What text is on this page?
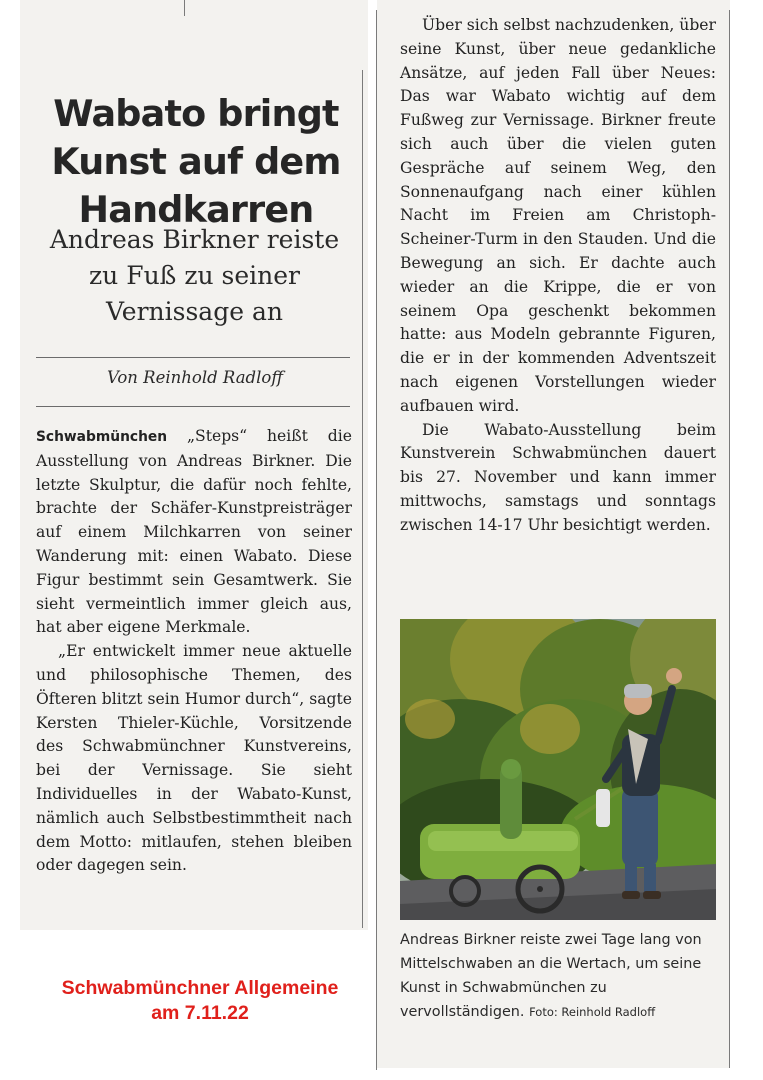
Wabato bringt Kunst auf dem Handkarren
Andreas Birkner reiste zu Fuß zu seiner Vernissage an
Von Reinhold Radloff

Schwabmünchen „Steps“ heißt die Ausstellung von Andreas Birkner. Die letzte Skulptur, die dafür noch fehlte, brachte der Schäfer-Kunstpreisträger auf einem Milchkarren von seiner Wanderung mit: einen Wabato. Diese Figur bestimmt sein Gesamtwerk. Sie sieht vermeintlich immer gleich aus, hat aber eigene Merkmale.

„Er entwickelt immer neue aktuelle und philosophische Themen, des Öfteren blitzt sein Humor durch“, sagte Kersten Thieler-Küchle, Vorsitzende des Schwabmünchner Kunstvereins, bei der Vernissage. Sie sieht Individuelles in der Wabato-Kunst, nämlich auch Selbstbestimmtheit nach dem Motto: mitlaufen, stehen bleiben oder dagegen sein.

Über sich selbst nachzudenken, über seine Kunst, über neue gedankliche Ansätze, auf jeden Fall über Neues: Das war Wabato wichtig auf dem Fußweg zur Vernissage. Birkner freute sich auch über die vielen guten Gespräche auf seinem Weg, den Sonnenaufgang nach einer kühlen Nacht im Freien am Christoph-Scheiner-Turm in den Stauden. Und die Bewegung an sich. Er dachte auch wieder an die Krippe, die er von seinem Opa geschenkt bekommen hatte: aus Modeln gebrannte Figuren, die er in der kommenden Adventszeit nach eigenen Vorstellungen wieder aufbauen wird.

Die Wabato-Ausstellung beim Kunstverein Schwabmünchen dauert bis 27. November und kann immer mittwochs, samstags und sonntags zwischen 14-17 Uhr besichtigt werden.

Andreas Birkner reiste zwei Tage lang von Mittelschwaben an die Wertach, um seine Kunst in Schwabmünchen zu vervollständigen. Foto: Reinhold Radloff
Schwabmünchner Allgemeine
am 7.11.22
